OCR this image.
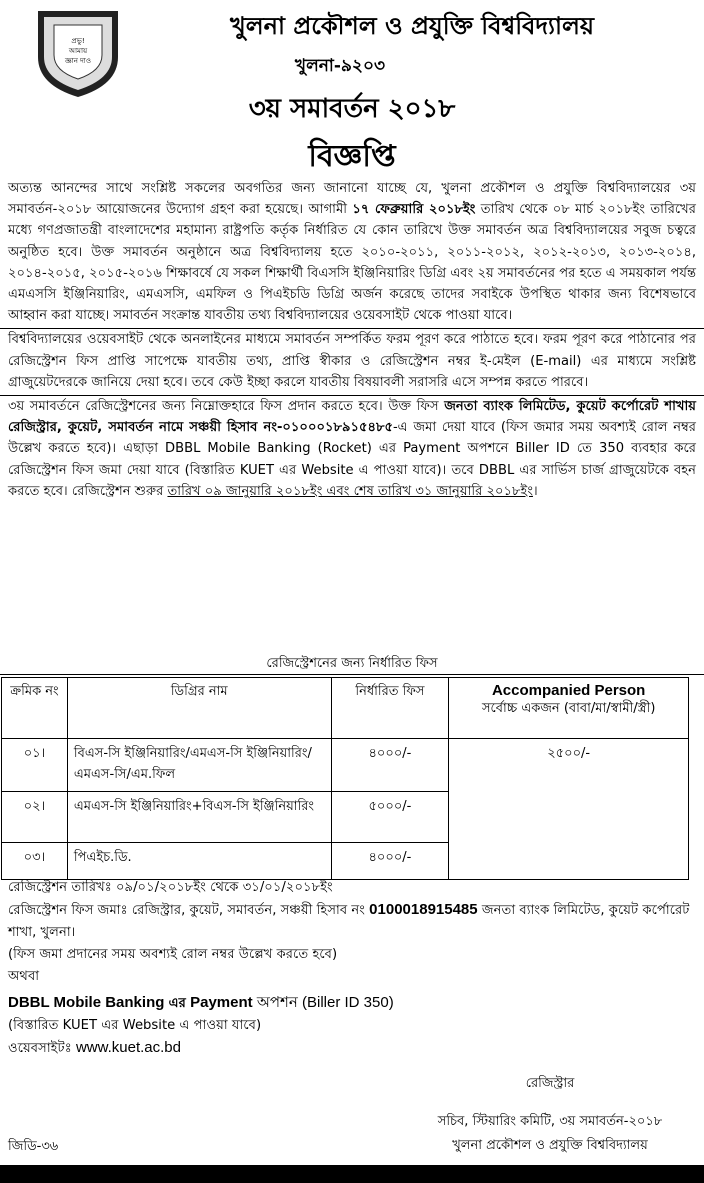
প্রভু!
আমায়
জ্ঞান দাও
খুলনা প্রকৌশল ও প্রযুক্তি বিশ্ববিদ্যালয়
খুলনা-৯২০৩
৩য় সমাবর্তন ২০১৮
বিজ্ঞপ্তি

অত্যন্ত আনন্দের সাথে সংশ্লিষ্ট সকলের অবগতির জন্য জানানো যাচ্ছে যে, খুলনা প্রকৌশল ও প্রযুক্তি বিশ্ববিদ্যালয়ের ৩য় সমাবর্তন-২০১৮ আয়োজনের উদ্যোগ গ্রহণ করা হয়েছে। আগামী ১৭ ফেব্রুয়ারি ২০১৮ইং তারিখ থেকে ০৮ মার্চ ২০১৮ইং তারিখের মধ্যে গণপ্রজাতন্ত্রী বাংলাদেশের মহামান্য রাষ্ট্রপতি কর্তৃক নির্ধারিত যে কোন তারিখে উক্ত সমাবর্তন অত্র বিশ্ববিদ্যালয়ের সবুজ চত্বরে অনুষ্ঠিত হবে। উক্ত সমাবর্তন অনুষ্ঠানে অত্র বিশ্ববিদ্যালয় হতে ২০১০-২০১১, ২০১১-২০১২, ২০১২-২০১৩, ২০১৩-২০১৪, ২০১৪-২০১৫, ২০১৫-২০১৬ শিক্ষাবর্ষে যে সকল শিক্ষার্থী বিএসসি ইঞ্জিনিয়ারিং ডিগ্রি এবং ২য় সমাবর্তনের পর হতে এ সময়কাল পর্যন্ত এমএসসি ইঞ্জিনিয়ারিং, এমএসসি, এমফিল ও পিএইচডি ডিগ্রি অর্জন করেছে তাদের সবাইকে উপস্থিত থাকার জন্য বিশেষভাবে আহ্বান করা যাচ্ছে। সমাবর্তন সংক্রান্ত যাবতীয় তথ্য বিশ্ববিদ্যালয়ের ওয়েবসাইট থেকে পাওয়া যাবে।

বিশ্ববিদ্যালয়ের ওয়েবসাইট থেকে অনলাইনের মাধ্যমে সমাবর্তন সম্পর্কিত ফরম পূরণ করে পাঠাতে হবে। ফরম পূরণ করে পাঠানোর পর রেজিস্ট্রেশন ফিস প্রাপ্তি সাপেক্ষে যাবতীয় তথ্য, প্রাপ্তি স্বীকার ও রেজিস্ট্রেশন নম্বর ই-মেইল (E-mail) এর মাধ্যমে সংশ্লিষ্ট গ্রাজুয়েটদেরকে জানিয়ে দেয়া হবে। তবে কেউ ইচ্ছা করলে যাবতীয় বিষয়াবলী সরাসরি এসে সম্পন্ন করতে পারবে।

৩য় সমাবর্তনে রেজিস্ট্রেশনের জন্য নিম্নোক্তহারে ফিস প্রদান করতে হবে। উক্ত ফিস জনতা ব্যাংক লিমিটেড, কুয়েট কর্পোরেট শাখায় রেজিস্ট্রার, কুয়েট, সমাবর্তন নামে সঞ্চয়ী হিসাব নং-০১০০০১৮৯১৫৪৮৫-এ জমা দেয়া যাবে (ফিস জমার সময় অবশ্যই রোল নম্বর উল্লেখ করতে হবে)। এছাড়া DBBL Mobile Banking (Rocket) এর Payment অপশনে Biller ID তে 350 ব্যবহার করে রেজিস্ট্রেশন ফিস জমা দেয়া যাবে (বিস্তারিত KUET এর Website এ পাওয়া যাবে)। তবে DBBL এর সার্ভিস চার্জ গ্রাজুয়েটকে বহন করতে হবে। রেজিস্ট্রেশন শুরুর তারিখ ০৯ জানুয়ারি ২০১৮ইং এবং শেষ তারিখ ৩১ জানুয়ারি ২০১৮ইং।

রেজিস্ট্রেশনের জন্য নির্ধারিত ফিস
ক্রমিক নং	ডিগ্রির নাম	নির্ধারিত ফিস	Accompanied Person
সর্বোচ্চ একজন (বাবা/মা/স্বামী/স্ত্রী)
০১।	বিএস-সি ইঞ্জিনিয়ারিং/এমএস-সি ইঞ্জিনিয়ারিং/এমএস-সি/এম.ফিল	৪০০০/-	২৫০০/-
০২।	এমএস-সি ইঞ্জিনিয়ারিং+বিএস-সি ইঞ্জিনিয়ারিং	৫০০০/-	
০৩।	পিএইচ.ডি.	৪০০০/-	

রেজিস্ট্রেশন তারিখঃ ০৯/০১/২০১৮ইং থেকে ৩১/০১/২০১৮ইং

রেজিস্ট্রেশন ফিস জমাঃ রেজিস্ট্রার, কুয়েট, সমাবর্তন, সঞ্চয়ী হিসাব নং 0100018915485 জনতা ব্যাংক লিমিটেড, কুয়েট কর্পোরেট শাখা, খুলনা।

(ফিস জমা প্রদানের সময় অবশ্যই রোল নম্বর উল্লেখ করতে হবে)

অথবা

DBBL Mobile Banking এর Payment অপশন (Biller ID 350)

(বিস্তারিত KUET এর Website এ পাওয়া যাবে)

ওয়েবসাইটঃ www.kuet.ac.bd

রেজিস্ট্রার
সচিব, স্টিয়ারিং কমিটি, ৩য় সমাবর্তন-২০১৮
খুলনা প্রকৌশল ও প্রযুক্তি বিশ্ববিদ্যালয়
জিডি-৩৬
